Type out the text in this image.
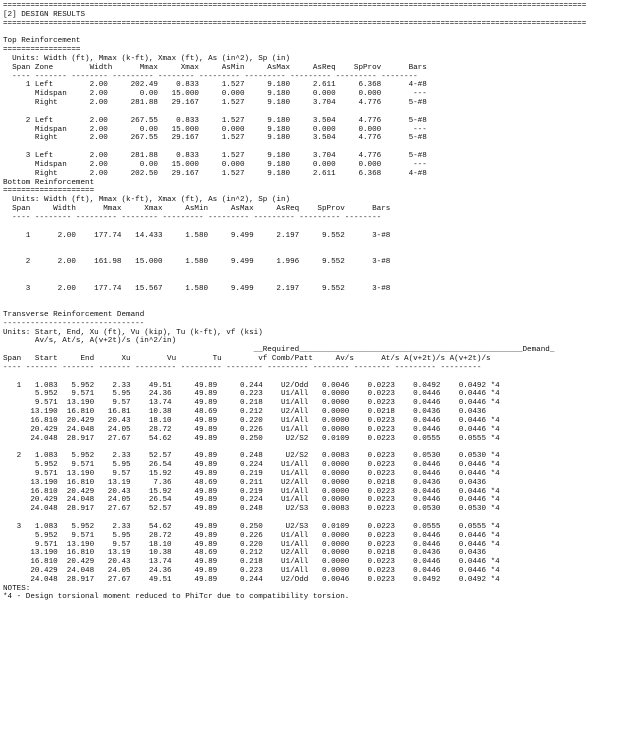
================================================================================================================================
[2] DESIGN RESULTS
================================================================================================================================
Top Reinforcement
=================
Units: Width (ft), Mmax (k-ft), Xmax (ft), As (in^2), Sp (in)
Span Zone        Width      Mmax     Xmax     AsMin     AsMax     AsReq    SpProv      Bars
---- ------- -------- --------- -------- --------- --------- --------- --------- --------
1 Left        2.00     202.49    0.833     1.527     9.180     2.611     6.368      4-#8
Midspan     2.00       0.00   15.000     0.000     9.180     0.000     0.000       ---
Right       2.00     281.88   29.167     1.527     9.180     3.704     4.776      5-#8
2 Left        2.00     267.55    0.833     1.527     9.180     3.504     4.776      5-#8
Midspan     2.00       0.00   15.000     0.000     9.180     0.000     0.000       ---
Right       2.00     267.55   29.167     1.527     9.180     3.504     4.776      5-#8
3 Left        2.00     281.88    0.833     1.527     9.180     3.704     4.776      5-#8
Midspan     2.00       0.00   15.000     0.000     9.180     0.000     0.000       ---
Right       2.00     202.50   29.167     1.527     9.180     2.611     6.368      4-#8
Bottom Reinforcement
====================
Units: Width (ft), Mmax (k-ft), Xmax (ft), As (in^2), Sp (in)
Span     Width      Mmax     Xmax     AsMin     AsMax     AsReq    SpProv      Bars
---- -------- --------- -------- --------- --------- --------- --------- --------
1      2.00    177.74   14.433     1.580     9.499     2.197     9.552      3-#8
2      2.00    161.98   15.000     1.580     9.499     1.996     9.552      3-#8
3      2.00    177.74   15.567     1.580     9.499     2.197     9.552      3-#8
Transverse Reinforcement Demand
-------------------------------
Units: Start, End, Xu (ft), Vu (kip), Tu (k-ft), vf (ksi)
Av/s, At/s, A(v+2t)/s (in^2/in)
__Required_________________________________________________Demand_
Span   Start     End      Xu        Vu        Tu        vf Comb/Patt     Av/s      At/s A(v+2t)/s A(v+2t)/s
---- ------- ------- ------- --------- --------- -------- --------- -------- -------- --------- ---------
1   1.083   5.952    2.33    49.51     49.89     0.244    U2/Odd   0.0046    0.0223    0.0492    0.0492 *4
5.952   9.571    5.95    24.36     49.89     0.223    U1/All   0.0000    0.0223    0.0446    0.0446 *4
9.571  13.190    9.57    13.74     49.89     0.218    U1/All   0.0000    0.0223    0.0446    0.0446 *4
13.190  16.810   16.81    10.38     48.69     0.212    U2/All   0.0000    0.0218    0.0436    0.0436
16.810  20.429   20.43    18.10     49.89     0.220    U1/All   0.0000    0.0223    0.0446    0.0446 *4
20.429  24.048   24.05    28.72     49.89     0.226    U1/All   0.0000    0.0223    0.0446    0.0446 *4
24.048  28.917   27.67    54.62     49.89     0.250     U2/S2   0.0109    0.0223    0.0555    0.0555 *4
2   1.083   5.952    2.33    52.57     49.89     0.248     U2/S2   0.0083    0.0223    0.0530    0.0530 *4
5.952   9.571    5.95    26.54     49.89     0.224    U1/All   0.0000    0.0223    0.0446    0.0446 *4
9.571  13.190    9.57    15.92     49.89     0.219    U1/All   0.0000    0.0223    0.0446    0.0446 *4
13.190  16.810   13.19     7.36     48.69     0.211    U2/All   0.0000    0.0218    0.0436    0.0436
16.810  20.429   20.43    15.92     49.89     0.219    U1/All   0.0000    0.0223    0.0446    0.0446 *4
20.429  24.048   24.05    26.54     49.89     0.224    U1/All   0.0000    0.0223    0.0446    0.0446 *4
24.048  28.917   27.67    52.57     49.89     0.248     U2/S3   0.0083    0.0223    0.0530    0.0530 *4
3   1.083   5.952    2.33    54.62     49.89     0.250     U2/S3   0.0109    0.0223    0.0555    0.0555 *4
5.952   9.571    5.95    28.72     49.89     0.226    U1/All   0.0000    0.0223    0.0446    0.0446 *4
9.571  13.190    9.57    18.10     49.89     0.220    U1/All   0.0000    0.0223    0.0446    0.0446 *4
13.190  16.810   13.19    10.38     48.69     0.212    U2/All   0.0000    0.0218    0.0436    0.0436
16.810  20.429   20.43    13.74     49.89     0.218    U1/All   0.0000    0.0223    0.0446    0.0446 *4
20.429  24.048   24.05    24.36     49.89     0.223    U1/All   0.0000    0.0223    0.0446    0.0446 *4
24.048  28.917   27.67    49.51     49.89     0.244    U2/Odd   0.0046    0.0223    0.0492    0.0492 *4
NOTES:
*4 - Design torsional moment reduced to PhiTcr due to compatibility torsion.
